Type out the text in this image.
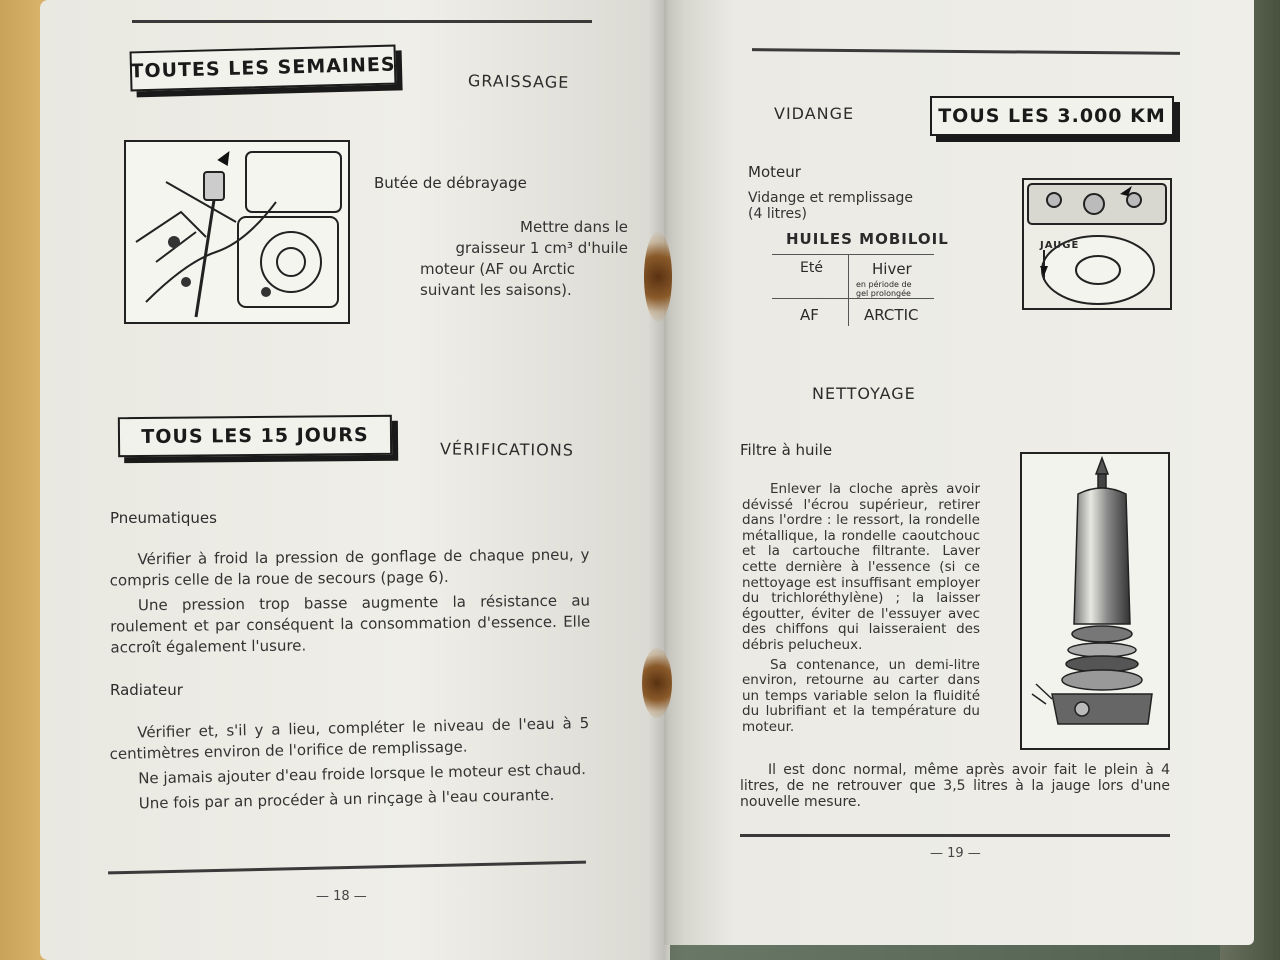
TOUTES LES SEMAINES	GRAISSAGE
Butée de débrayage
Mettre dans le
graisseur 1 cm³ d'huile
moteur (AF ou Arctic
suivant les saisons).
TOUS LES 15 JOURS
VÉRIFICATIONS
Pneumatiques

Vérifier à froid la pression de gonflage de chaque pneu, y compris celle de la roue de secours (page 6).

Une pression trop basse augmente la résistance au roulement et par conséquent la consommation d'essence. Elle accroît également l'usure.

Radiateur

Vérifier et, s'il y a lieu, compléter le niveau de l'eau à 5 centimètres environ de l'orifice de remplissage.

Ne jamais ajouter d'eau froide lorsque le moteur est chaud.

Une fois par an procéder à un rinçage à l'eau courante.

— 18 —
VIDANGE	TOUS LES 3.000 KM
Moteur
Vidange et remplissage
(4 litres)
HUILES MOBILOIL
Eté	Hiver
en période de
gel prolongée
AF	ARCTIC
JAUGE
NETTOYAGE
Filtre à huile

Enlever la cloche après avoir dévissé l'écrou supérieur, retirer dans l'ordre : le ressort, la rondelle métallique, la rondelle caoutchouc et la cartouche filtrante. Laver cette dernière à l'essence (si ce nettoyage est insuffisant employer du trichloréthylène) ; la laisser égoutter, éviter de l'essuyer avec des chiffons qui laisseraient des débris pelucheux.

Sa contenance, un demi-litre environ, retourne au carter dans un temps variable selon la fluidité du lubrifiant et la température du moteur.

Il est donc normal, même après avoir fait le plein à 4 litres, de ne retrouver que 3,5 litres à la jauge lors d'une nouvelle mesure.

— 19 —
